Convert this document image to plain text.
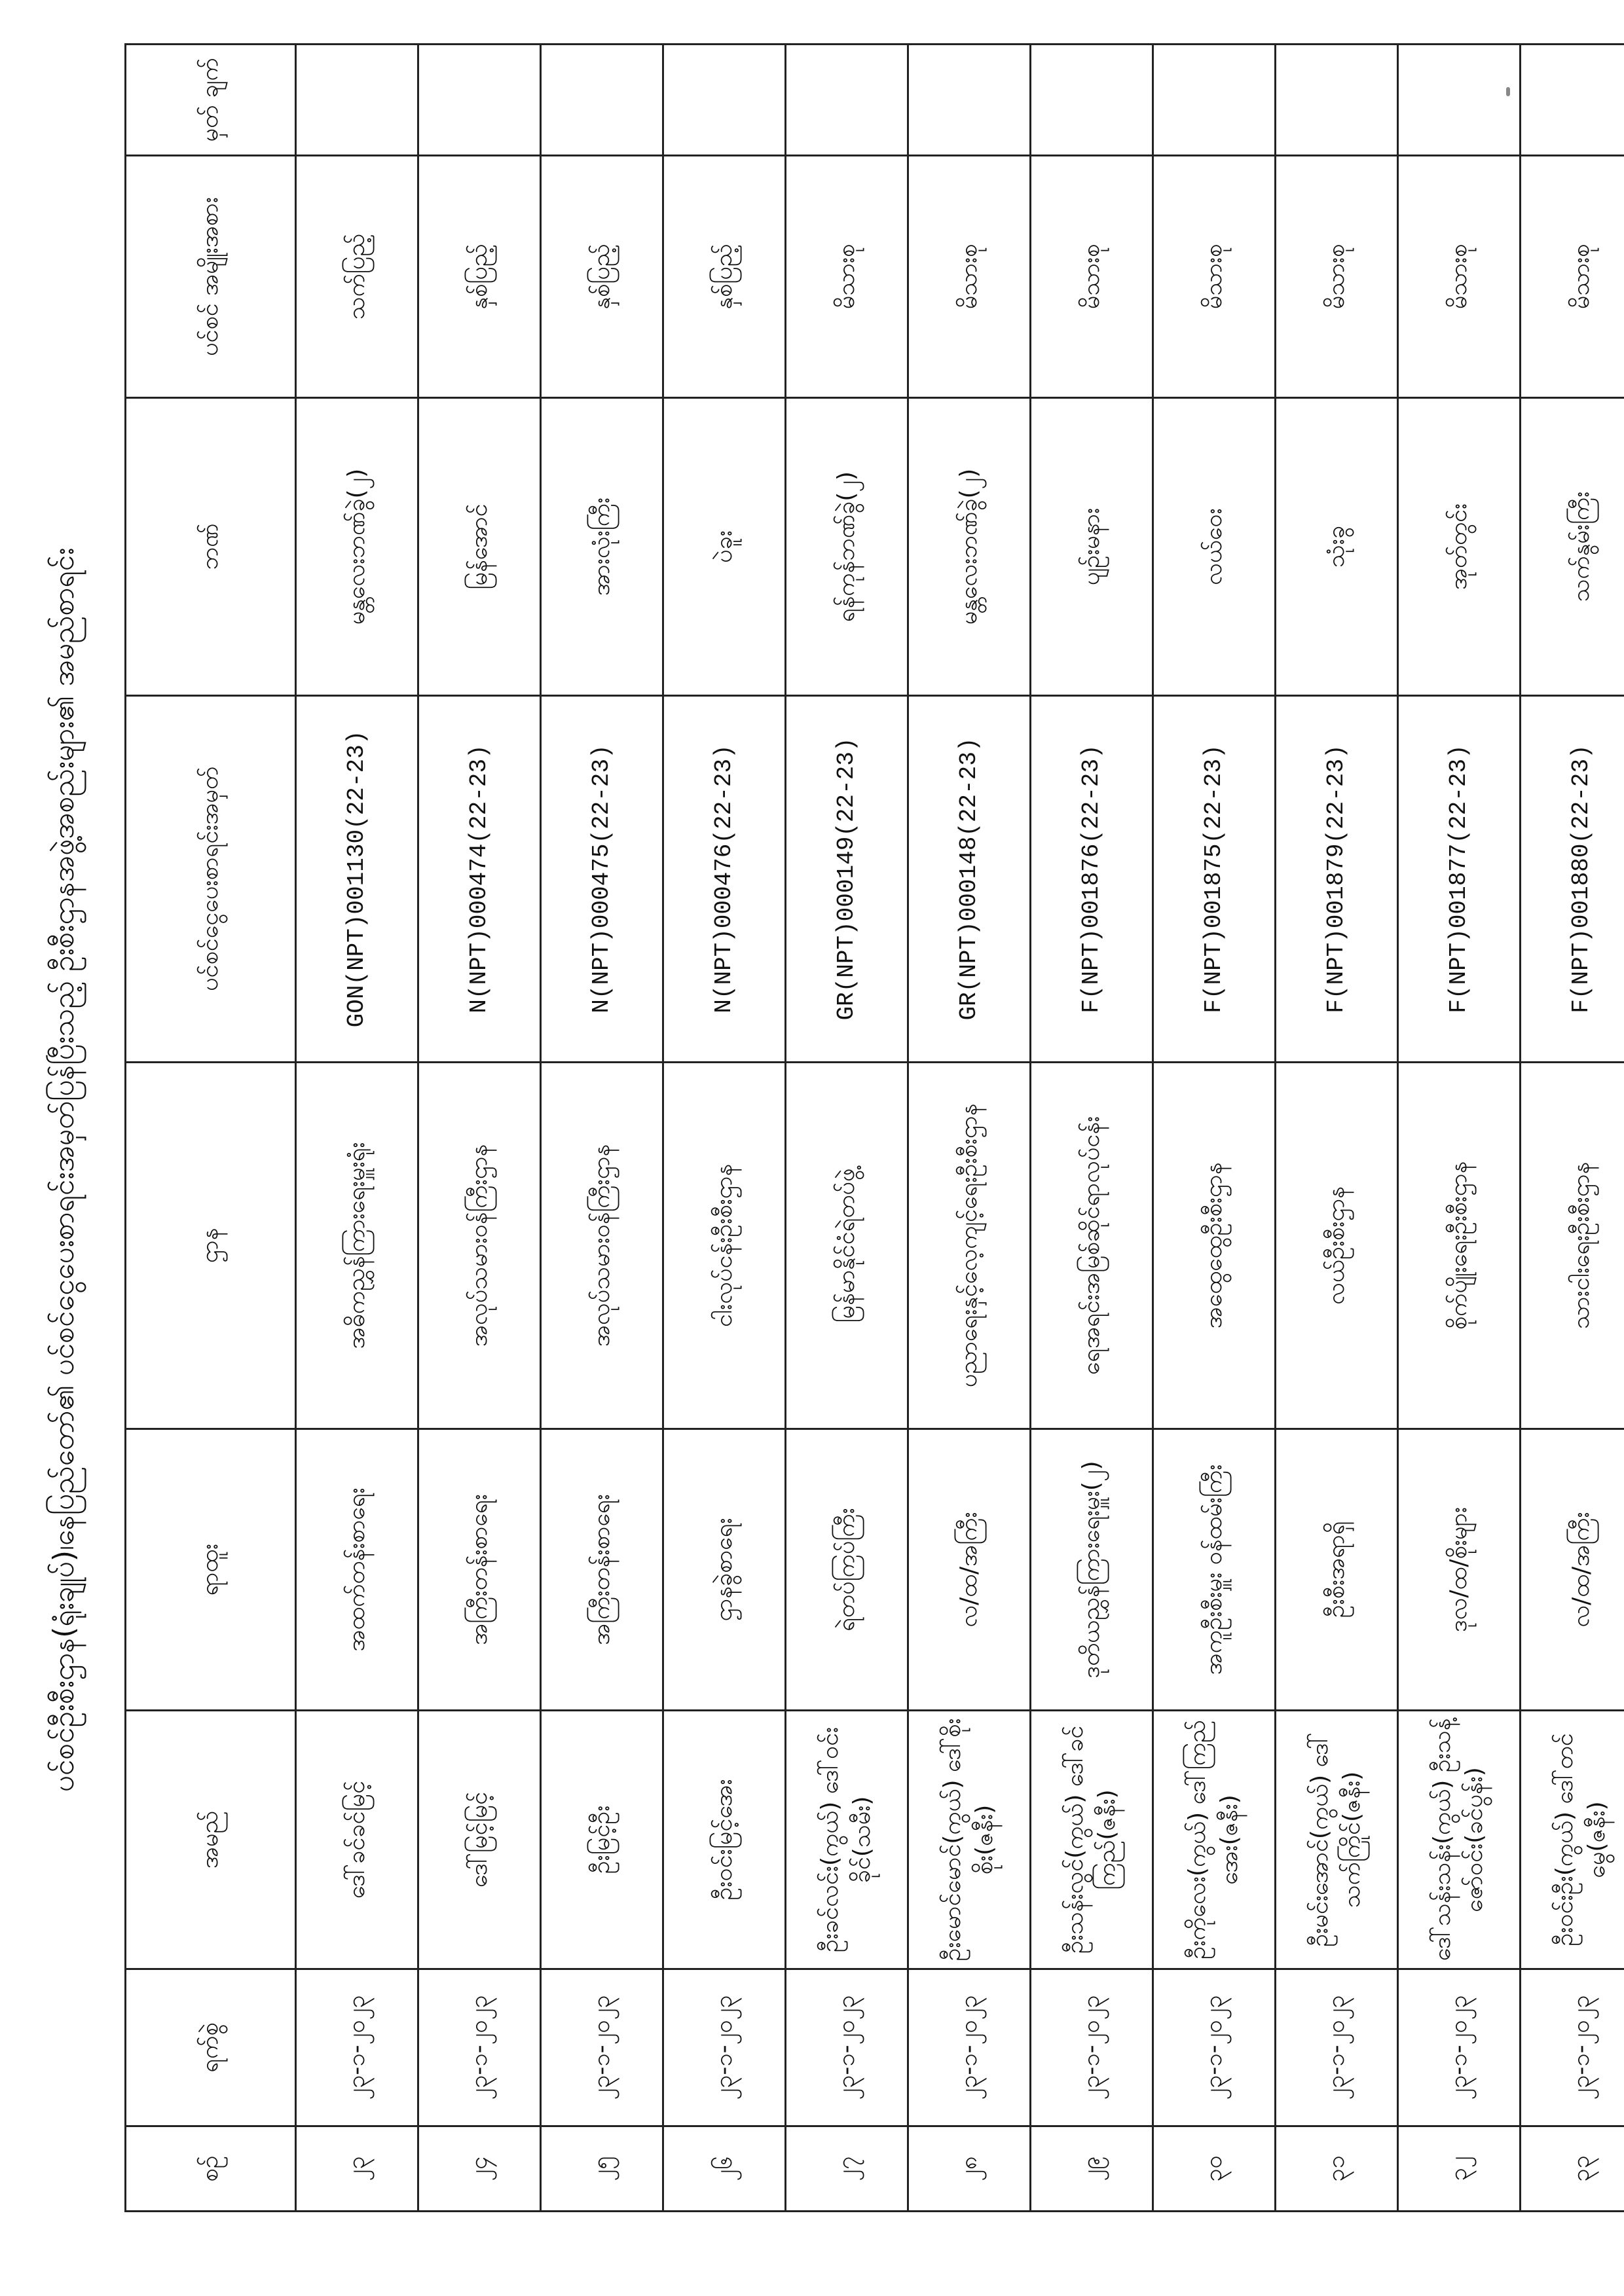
ပင်စင်ဦးစီးဌာန(ရုံးချုပ်)၊နေပြည်တော်၏ ပင်စင်ငွေပေးစာရင်းအမှတ်ပြန်ပြီးသည့် ဦးစီးဌာနအဖွဲ့အစည်းများ၏ အမည်စာရင်း
စဉ်	ရက်စွဲ	အမည်	ရာထူး	ဌာန	ပင်စင်ငွေပေးစာရင်းအမှတ်	ဘဏ်	ပင်စင် အမျိုးအစား	မှတ် ချက်
၂၃	၂၃-၁-၂၀၂၃	ဒေါ်ခင်ခင်မြင့်	အထက်တန်းစာရေး	အဓိကညွှန်ကြားရေးမှူးရုံး	GON(NPT)001130(22-23)	မန္တလေးဘဏ်ခွဲ(၂)	သက်ပြည့်	
၂၄	၂၃-၁-၂၀၂၃	ဒေါ်မြင့်မြင့်	အကြီးတန်းစာရေး	အလုပ်သမားဝန်ကြီးဌာန	N(NPT)000474(22-23)	မြန်အောင်	နှစ်ပြည့်	
၂၅	၂၃-၁-၂၀၂၃	ဦးမြင့်ဦး	အကြီးတန်းစာရေး	အလုပ်သမားဝန်ကြီးဌာန	N(NPT)000475(22-23)	အားလုံးကြီး	နှစ်ပြည့်	
၂၆	၂၃-၁-၂၀၂၃	ဦးဝင်းမြင့်အေး	ဌာနခွဲစာရေး	ငါးလုပ်ငန်းဦးစီးဌာန	N(NPT)000476(22-23)	ပဲခူး	နှစ်ပြည့်	
၂၇	၂၃-၁-၂၀၂၃	ဦးခင်လင်း(ကွယ်) ဒေါ်ဝင်းခိုင်(သမီး)	ရဲတပ်ကြပ်ကြီး	မြန်မာနိုင်ငံရဲတပ်ဖွဲ့	GR(NPT)000149(22-23)	ရန်ကုန်ဘဏ်ခွဲ(၂)	မိသားစု	
၂၈	၂၃-၁-၂၀၂၃	ဦးမောင်မောင်(ကွယ်) ဒေါ်စိုးစိုး(ဇနီး)	လ/ထ/အကြီး	ပညာရေးနှင့်လေ့ကျင့်ရေးဦးစီးဌာန	GR(NPT)000148(22-23)	မန္တလေးဘဏ်ခွဲ(၂)	မိသားစု	
၂၉	၂၃-၁-၂၀၂၃	ဦးသန်းလွင်(ကွယ်) ဒေါ်ခင်ကြည်(ဇနီး)	ဒုတိယညွှန်ကြားရေးမှူး(၂)	ရေအရင်းအမြစ်ဆိုင်ရာလုပ်ငန်း	F(NPT)001876(22-23)	ပျဉ်းမနား	မိသားစု	
၃၀	၂၃-၁-၂၀၂၃	ဦးကိုလေး(ကွယ်) ဒေါ်ကြည်အေး(ဇနီး)	အကူဦးစီးမှူး ဝန်ထမ်းကြီး	အထွေထွေဦးစီးဌာန	F(NPT)001875(22-23)	လယ်ဝေး	မိသားစု	
၃၁	၂၃-၁-၂၀၂၃	ဦးမင်းအောင်(ကွယ်) ဒေါ်သက်ကြိုင်(ဇနီး)	ဦးစီးအရာရှိ	လယ်ဦးစီးဌာန	F(NPT)001879(22-23)	သုံးခွ	မိသားစု	
၃၂	၂၃-၁-၂၀၂၃	ဒေါ်သန်းသန်း(ကွယ်) ဦးသန့်ဇော်ဝင်း(ခင်ပွန်း)	ဒုလ/ထ/စိုးများ	စိုက်ပျိုးရေးဦးစီးဌာန	F(NPT)001877(22-23)	အုတ်တွင်း	မိသားစု	
၃၃	၂၃-၁-၂၀၂၃	ဦးဝင်းဦး(ကွယ်) ဒေါ်တင်မွေ(ဇနီး)	လ/ထ/အကြီး	သားငါးရေးဦးစီးဌာန	F(NPT)001880(22-23)	သက်နွမ်းကြီး	မိသားစု	
